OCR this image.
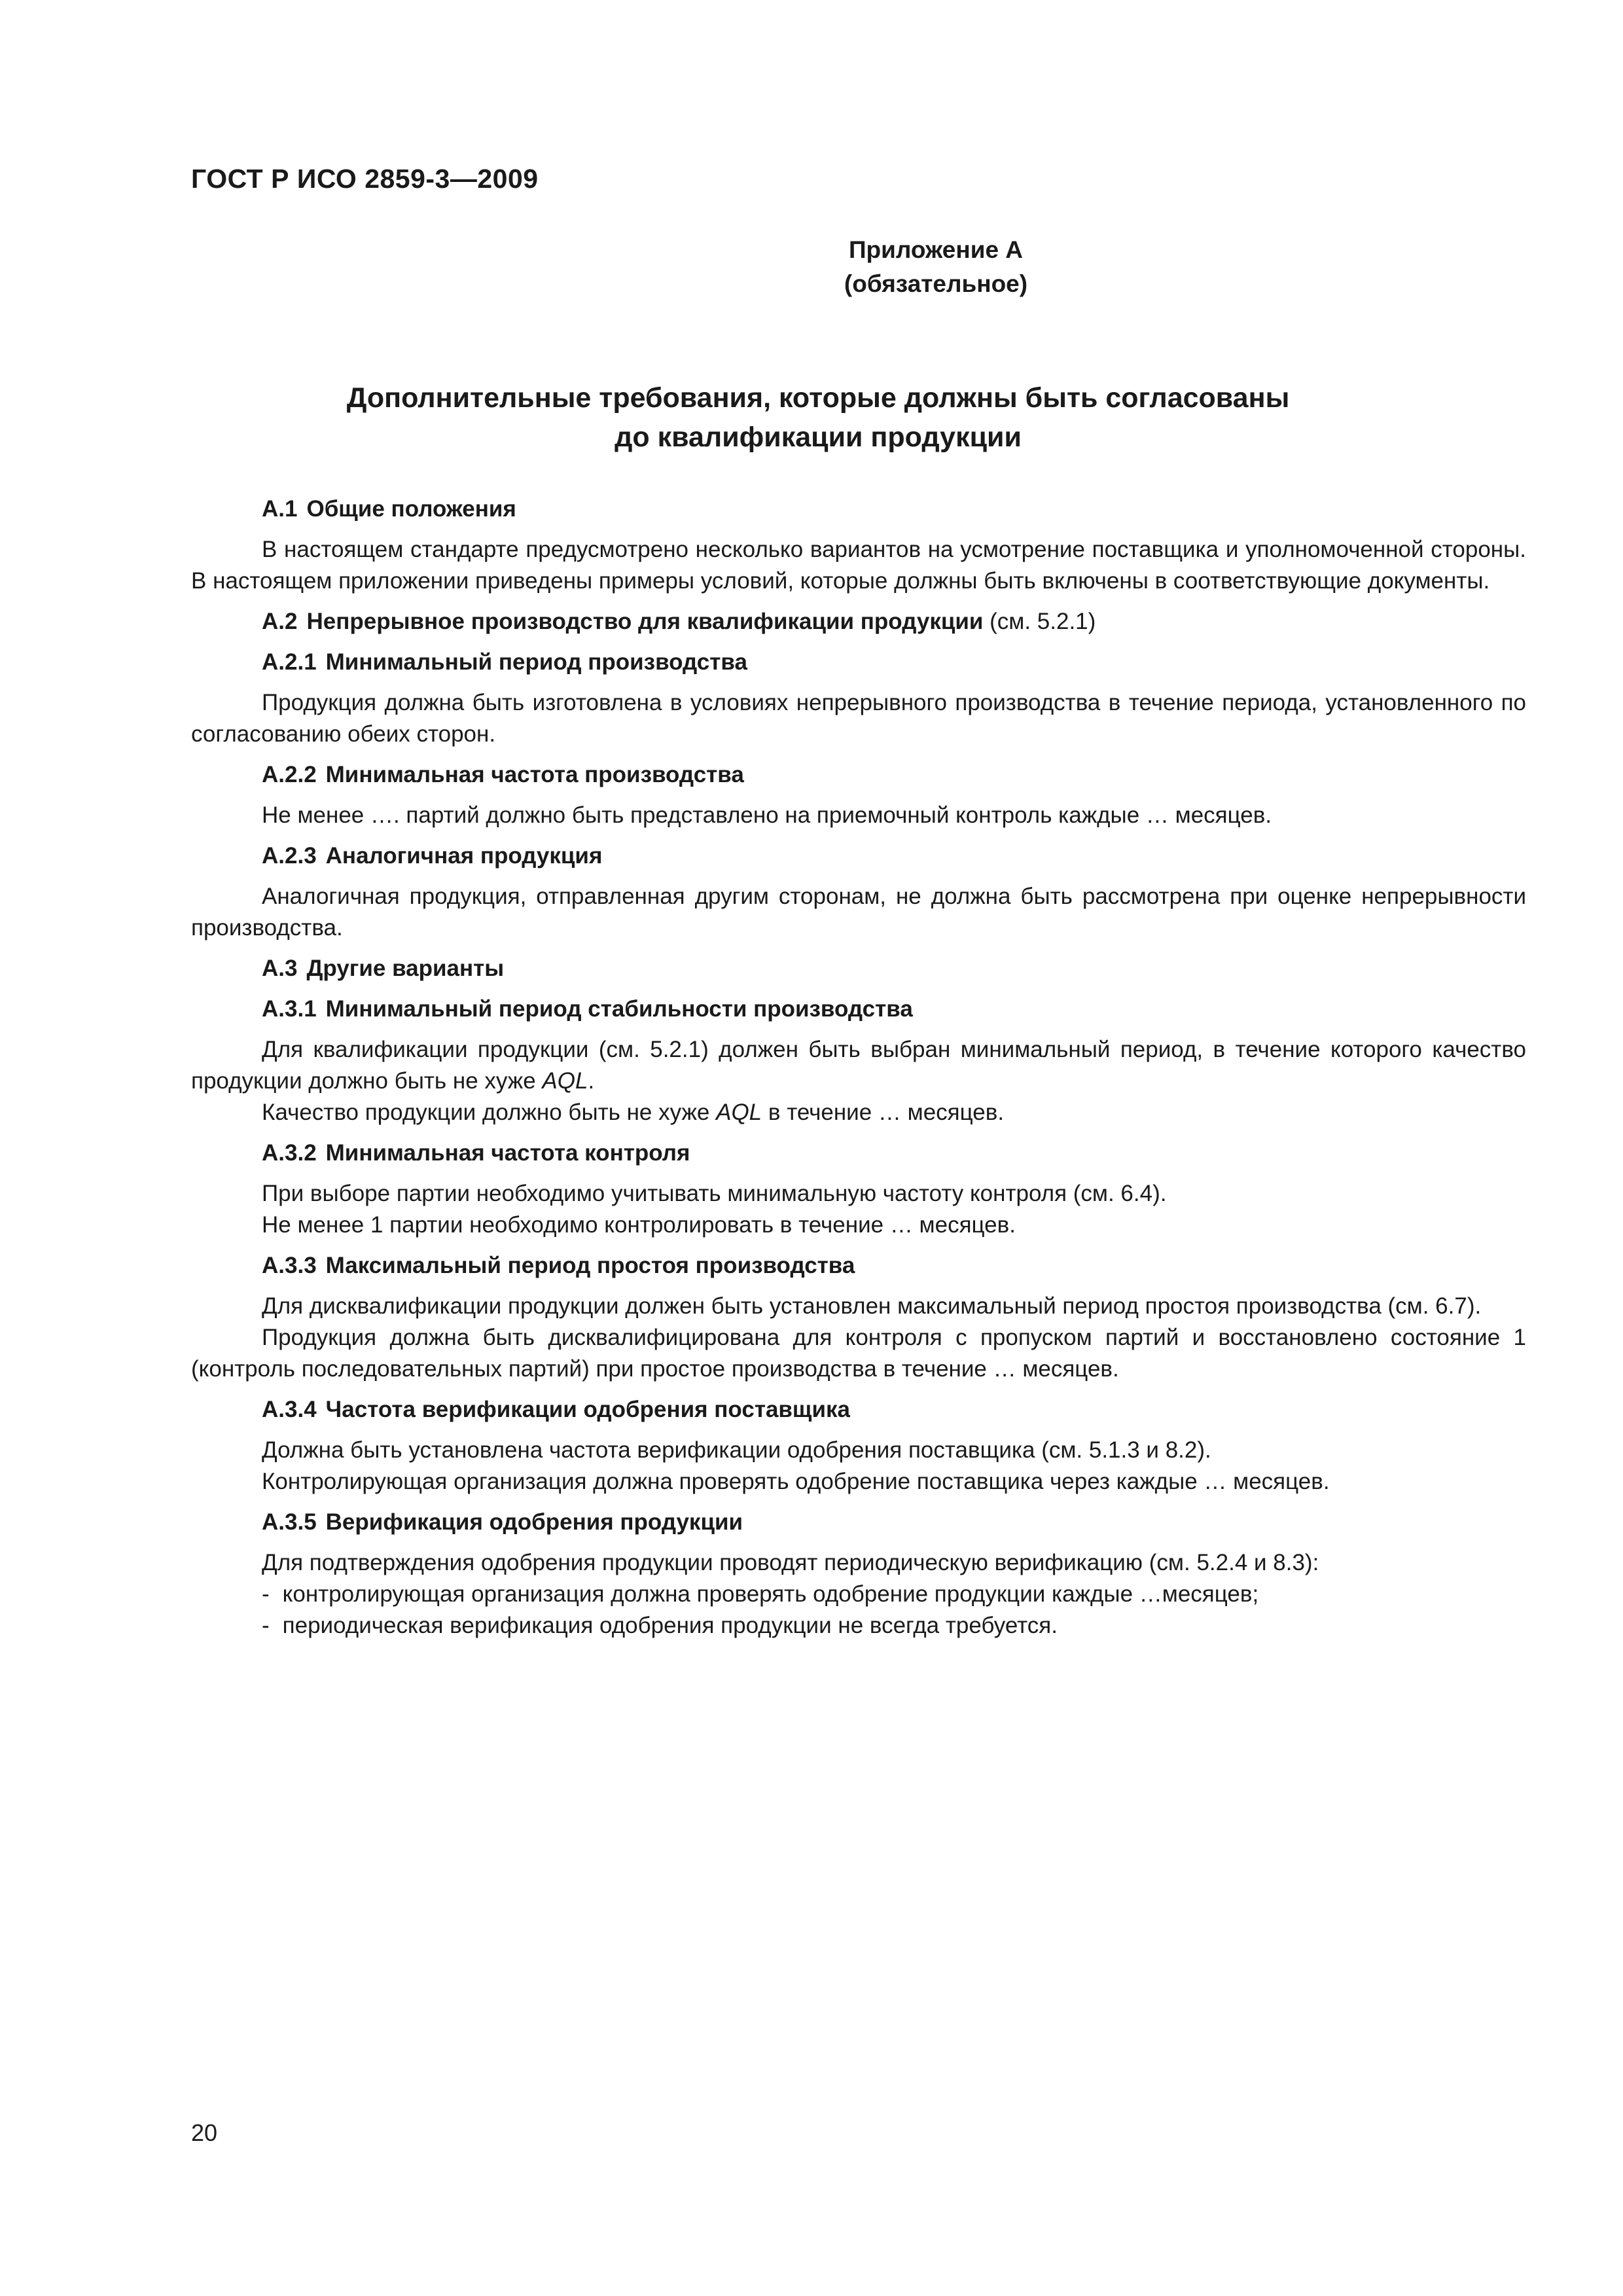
ГОСТ Р ИСО 2859-3—2009
Приложение А
(обязательное)
Дополнительные требования, которые должны быть согласованы
до квалификации продукции
А.1 Общие положения
В настоящем стандарте предусмотрено несколько вариантов на усмотрение поставщика и уполномоченной стороны. В настоящем приложении приведены примеры условий, которые должны быть включены в соответствующие документы.
А.2 Непрерывное производство для квалификации продукции (см. 5.2.1)
А.2.1 Минимальный период производства
Продукция должна быть изготовлена в условиях непрерывного производства в течение периода, установленного по согласованию обеих сторон.
А.2.2 Минимальная частота производства
Не менее …. партий должно быть представлено на приемочный контроль каждые … месяцев.
А.2.3 Аналогичная продукция
Аналогичная продукция, отправленная другим сторонам, не должна быть рассмотрена при оценке непрерывности производства.
А.3 Другие варианты
А.3.1 Минимальный период стабильности производства
Для квалификации продукции (см. 5.2.1) должен быть выбран минимальный период, в течение которого качество продукции должно быть не хуже AQL.
Качество продукции должно быть не хуже AQL в течение … месяцев.
А.3.2 Минимальная частота контроля
При выборе партии необходимо учитывать минимальную частоту контроля (см. 6.4).
Не менее 1 партии необходимо контролировать в течение … месяцев.
А.3.3 Максимальный период простоя производства
Для дисквалификации продукции должен быть установлен максимальный период простоя производства (см. 6.7).
Продукция должна быть дисквалифицирована для контроля с пропуском партий и восстановлено состояние 1 (контроль последовательных партий) при простое производства в течение … месяцев.
А.3.4 Частота верификации одобрения поставщика
Должна быть установлена частота верификации одобрения поставщика (см. 5.1.3 и 8.2).
Контролирующая организация должна проверять одобрение поставщика через каждые … месяцев.
А.3.5 Верификация одобрения продукции
Для подтверждения одобрения продукции проводят периодическую верификацию (см. 5.2.4 и 8.3):
- контролирующая организация должна проверять одобрение продукции каждые …месяцев;
- периодическая верификация одобрения продукции не всегда требуется.
20
